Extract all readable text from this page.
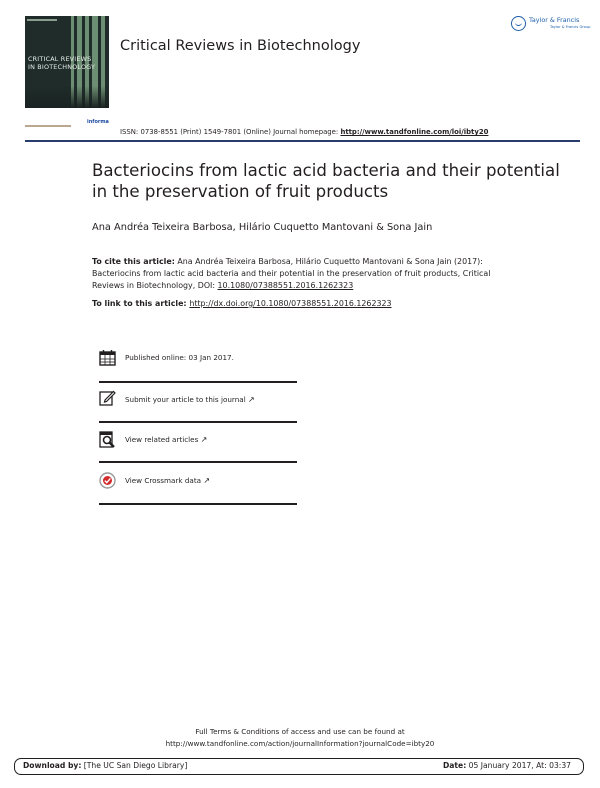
CRITICAL REVIEWS
IN BIOTECHNOLOGY
informa
Critical Reviews in Biotechnology
Taylor & Francis
Taylor & Francis Group
ISSN: 0738-8551 (Print) 1549-7801 (Online) Journal homepage: http://www.tandfonline.com/loi/ibty20
Bacteriocins from lactic acid bacteria and their potential in the preservation of fruit products
Ana Andréa Teixeira Barbosa, Hilário Cuquetto Mantovani & Sona Jain
To cite this article: Ana Andréa Teixeira Barbosa, Hilário Cuquetto Mantovani & Sona Jain (2017): Bacteriocins from lactic acid bacteria and their potential in the preservation of fruit products, Critical Reviews in Biotechnology, DOI: 10.1080/07388551.2016.1262323
To link to this article: http://dx.doi.org/10.1080/07388551.2016.1262323
Published online: 03 Jan 2017.
Submit your article to this journal ↗
View related articles ↗
View Crossmark data ↗
Full Terms & Conditions of access and use can be found at
http://www.tandfonline.com/action/journalInformation?journalCode=ibty20
Download by: [The UC San Diego Library]	Date: 05 January 2017, At: 03:37
